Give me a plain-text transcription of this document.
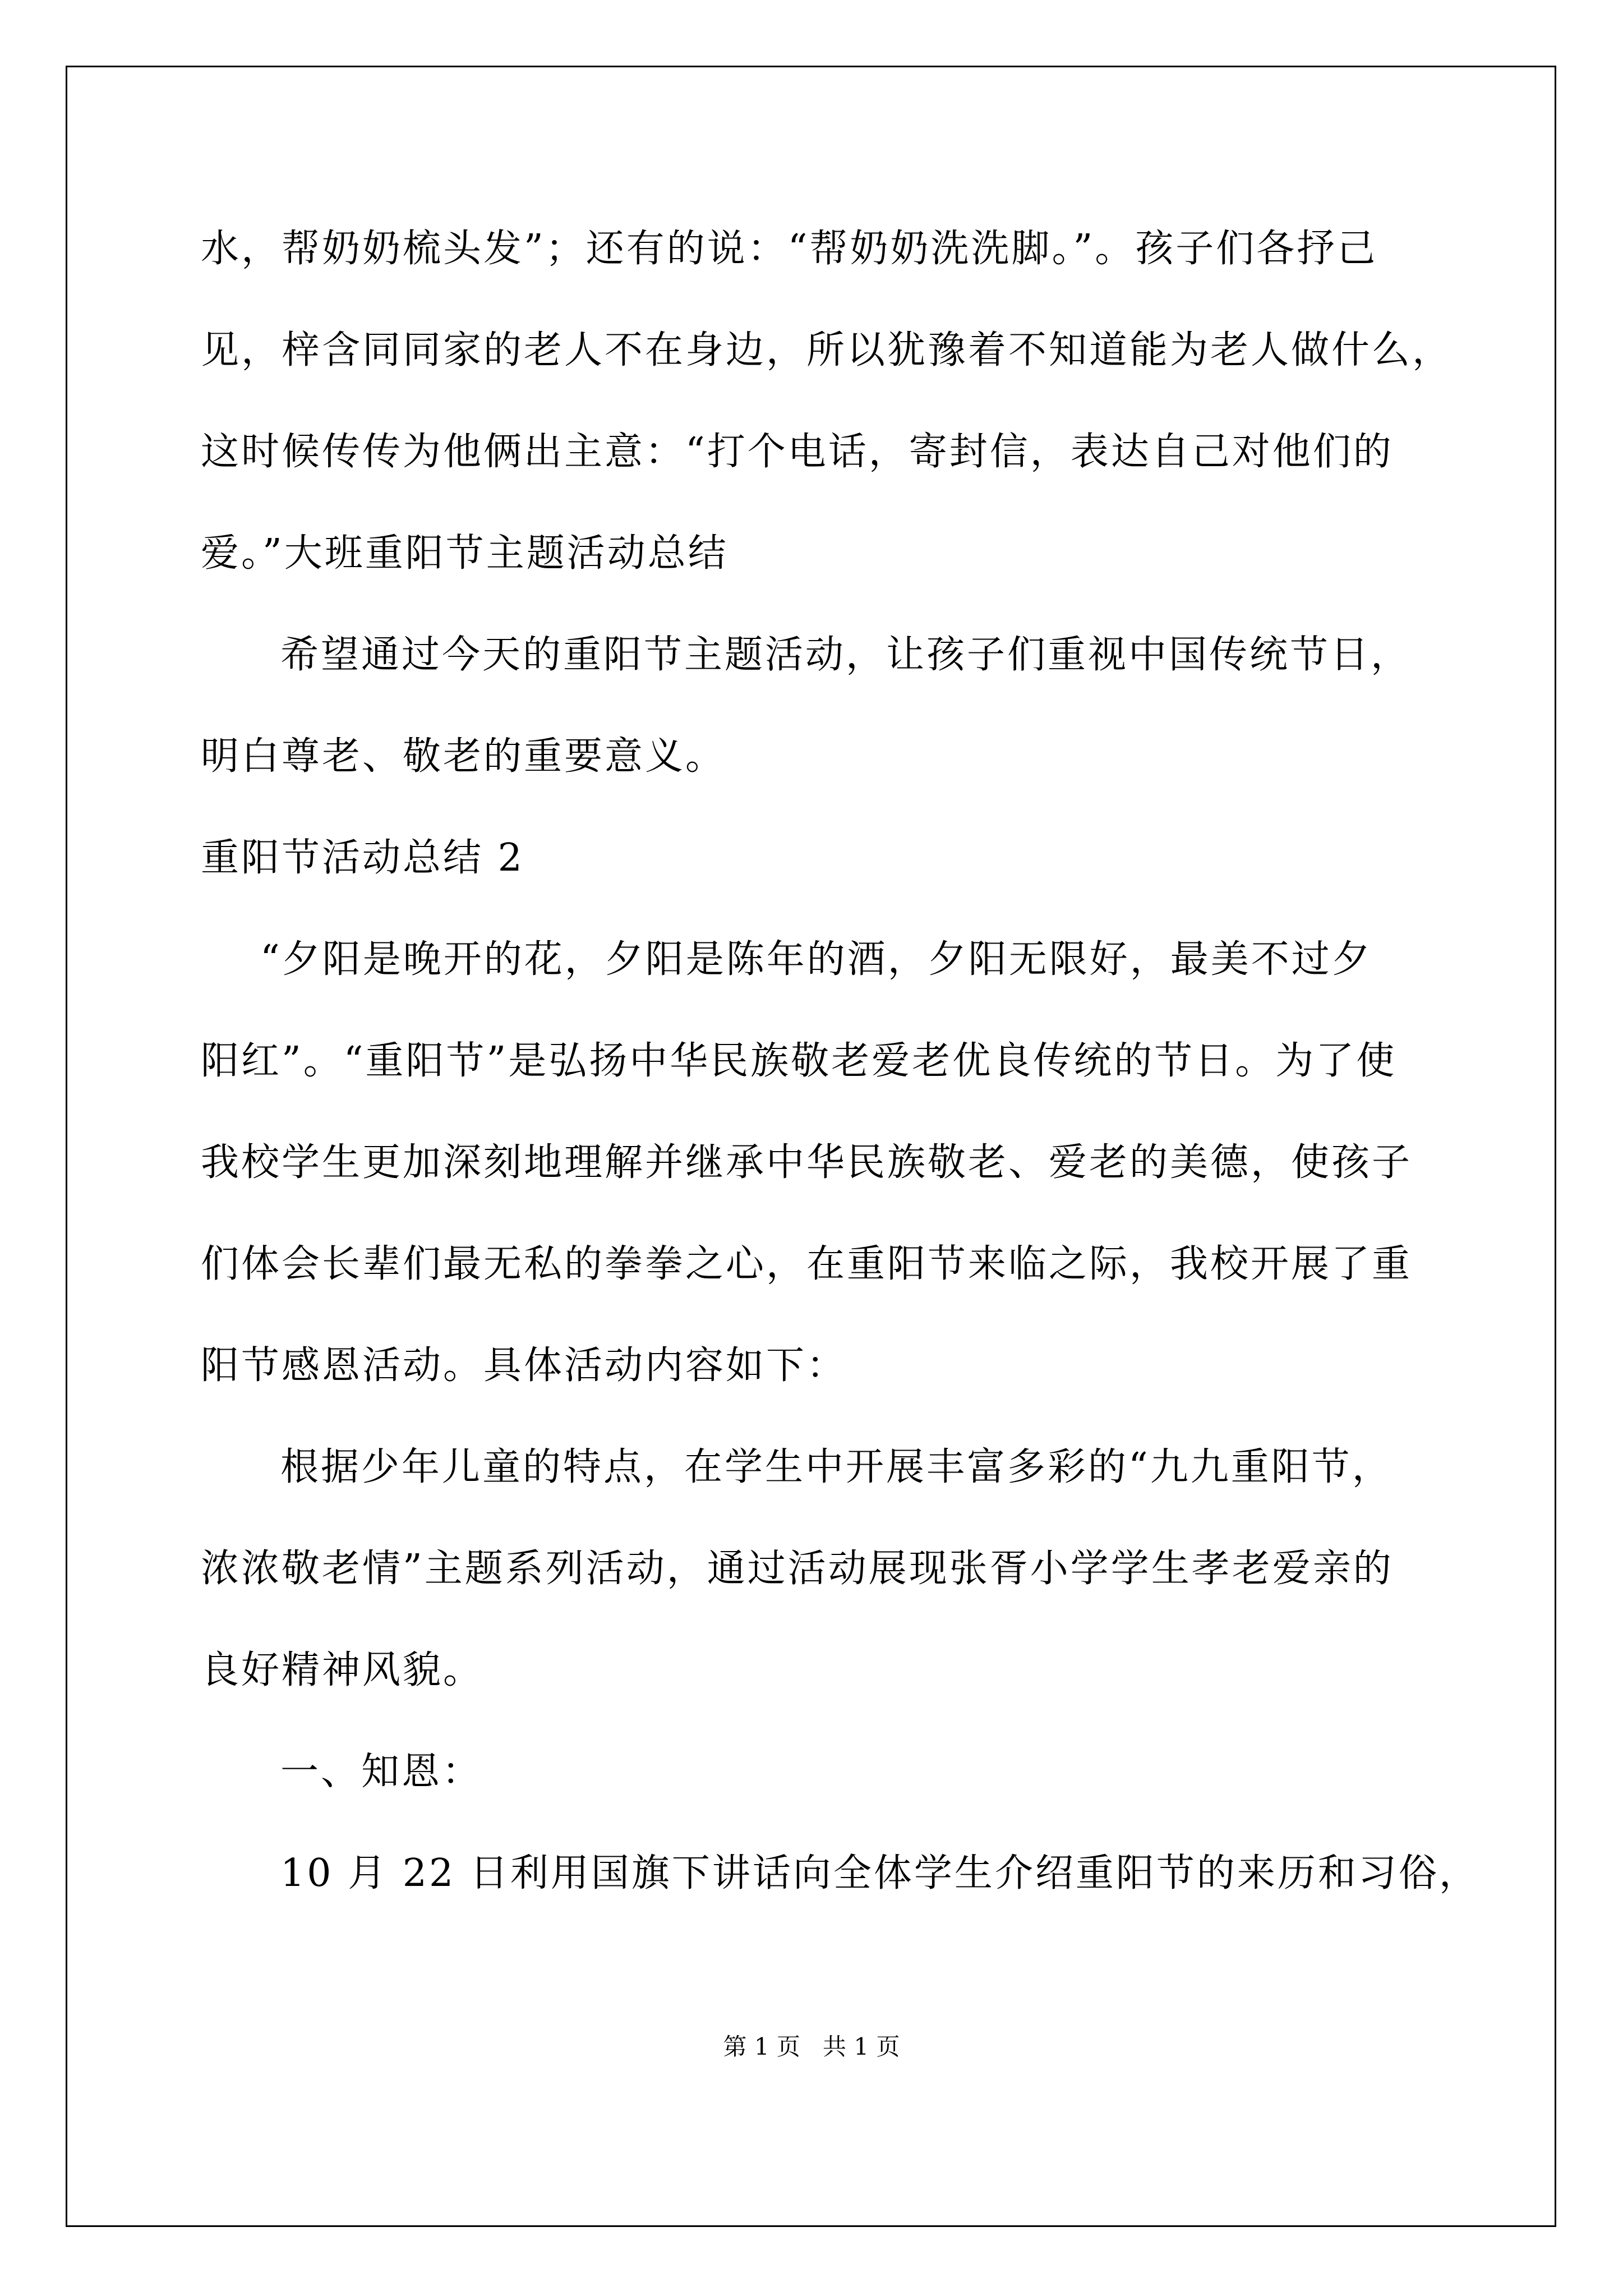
水，帮奶奶梳头发”；还有的说：“帮奶奶洗洗脚。”。孩子们各抒己
见，梓含同同家的老人不在身边，所以犹豫着不知道能为老人做什么，
这时候传传为他俩出主意：“打个电话，寄封信，表达自己对他们的
爱。”大班重阳节主题活动总结
希望通过今天的重阳节主题活动，让孩子们重视中国传统节日，
明白尊老、敬老的重要意义。
重阳节活动总结 2
“夕阳是晚开的花，夕阳是陈年的酒，夕阳无限好，最美不过夕
阳红”。“重阳节”是弘扬中华民族敬老爱老优良传统的节日。为了使
我校学生更加深刻地理解并继承中华民族敬老、爱老的美德，使孩子
们体会长辈们最无私的拳拳之心，在重阳节来临之际，我校开展了重
阳节感恩活动。具体活动内容如下：
根据少年儿童的特点，在学生中开展丰富多彩的“九九重阳节，
浓浓敬老情”主题系列活动，通过活动展现张胥小学学生孝老爱亲的
良好精神风貌。
一、知恩：
10 月 22 日利用国旗下讲话向全体学生介绍重阳节的来历和习俗，
第 1 页   共 1 页
